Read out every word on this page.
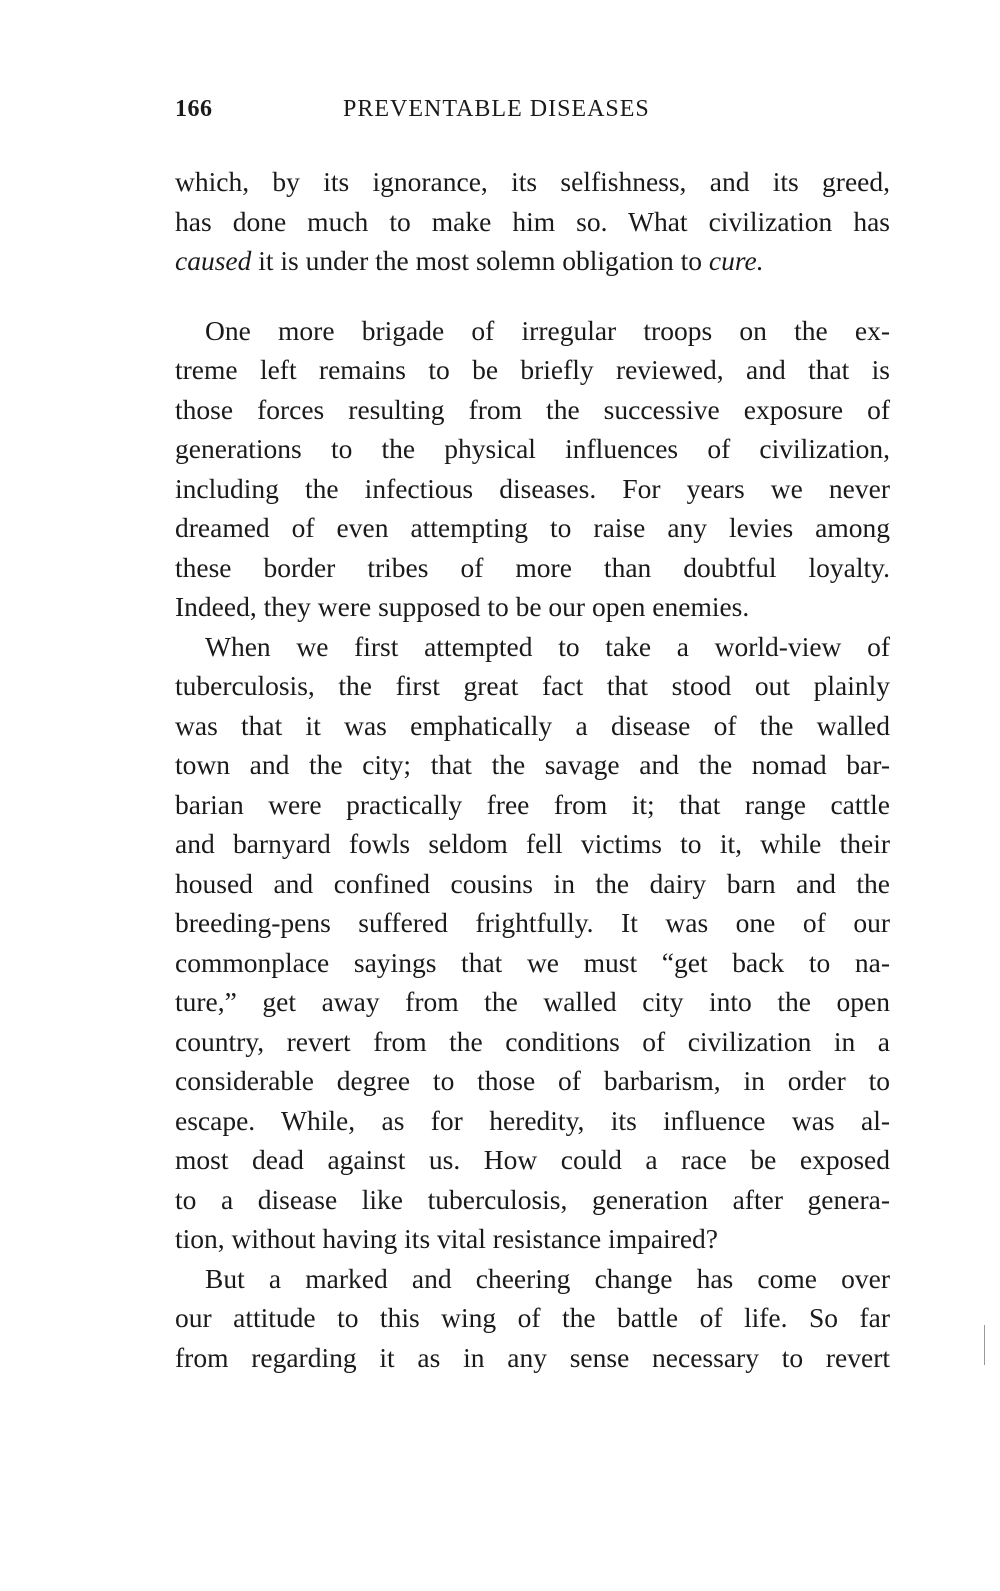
166	PREVENTABLE DISEASES
which, by its ignorance, its selfishness, and its greed,
has done much to make him so. What civilization has
caused it is under the most solemn obligation to cure.
One more brigade of irregular troops on the ex-
treme left remains to be briefly reviewed, and that is
those forces resulting from the successive exposure of
generations to the physical influences of civilization,
including the infectious diseases. For years we never
dreamed of even attempting to raise any levies among
these border tribes of more than doubtful loyalty.
Indeed, they were supposed to be our open enemies.
When we first attempted to take a world-view of
tuberculosis, the first great fact that stood out plainly
was that it was emphatically a disease of the walled
town and the city; that the savage and the nomad bar-
barian were practically free from it; that range cattle
and barnyard fowls seldom fell victims to it, while their
housed and confined cousins in the dairy barn and the
breeding-pens suffered frightfully. It was one of our
commonplace sayings that we must “get back to na-
ture,” get away from the walled city into the open
country, revert from the conditions of civilization in a
considerable degree to those of barbarism, in order to
escape. While, as for heredity, its influence was al-
most dead against us. How could a race be exposed
to a disease like tuberculosis, generation after genera-
tion, without having its vital resistance impaired?
But a marked and cheering change has come over
our attitude to this wing of the battle of life. So far
from regarding it as in any sense necessary to revert
